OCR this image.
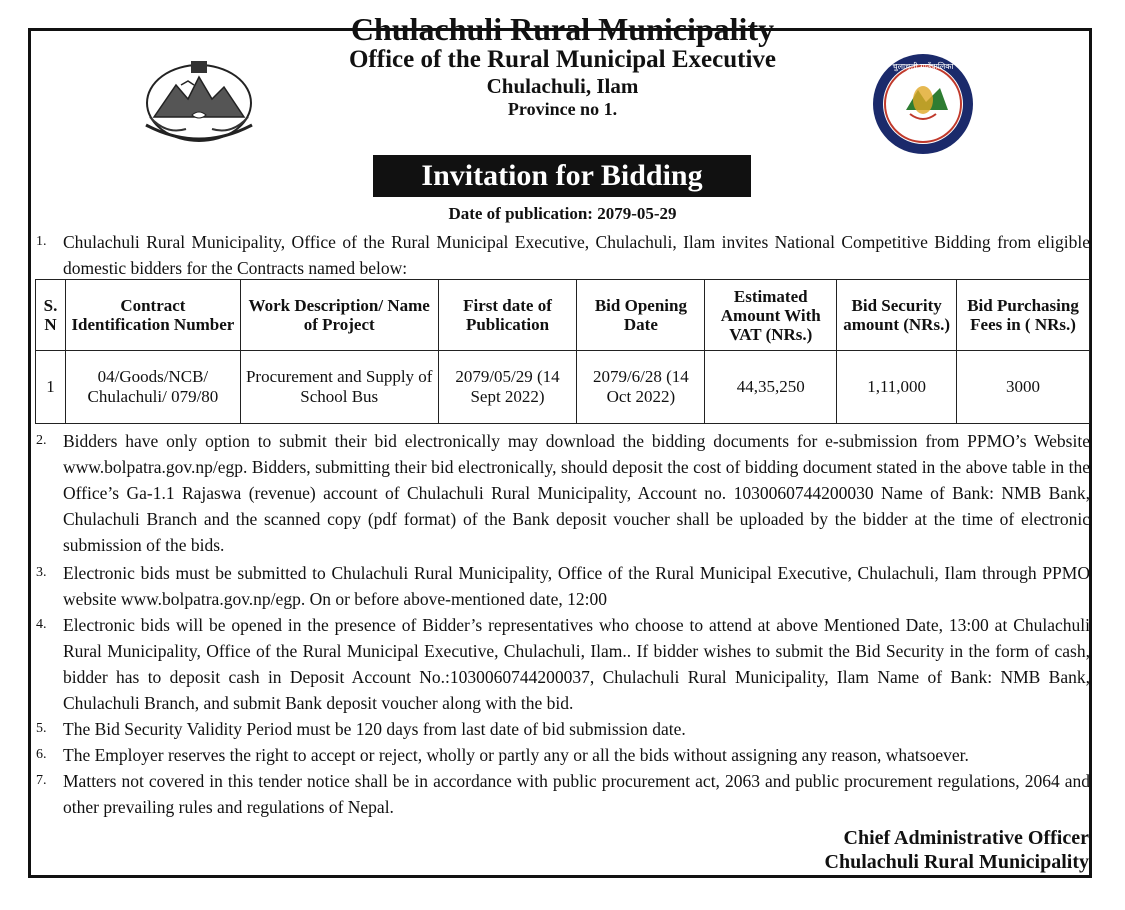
चुलाचुली गाउँपालिका
Chulachuli Rural Municipality
Office of the Rural Municipal Executive
Chulachuli, Ilam
Province no 1.
Invitation for Bidding
Date of publication: 2079-05-29
1. Chulachuli Rural Municipality, Office of the Rural Municipal Executive, Chulachuli, Ilam invites National Competitive Bidding from eligible domestic bidders for the Contracts named below:
S. N	Contract Identification Number	Work Description/ Name of Project	First date of Publication	Bid Opening Date	Estimated Amount With VAT (NRs.)	Bid Security amount (NRs.)	Bid Purchasing Fees in ( NRs.)
1	04/Goods/NCB/ Chulachuli/ 079/80	Procurement and Supply of School Bus	2079/05/29 (14 Sept 2022)	2079/6/28 (14 Oct 2022)	44,35,250	1,11,000	3000
2. Bidders have only option to submit their bid electronically may download the bidding documents for e-submission from PPMO’s Website www.bolpatra.gov.np/egp. Bidders, submitting their bid electronically, should deposit the cost of bidding document stated in the above table in the Office’s Ga-1.1 Rajaswa (revenue) account of Chulachuli Rural Municipality, Account no. 1030060744200030 Name of Bank: NMB Bank, Chulachuli Branch and the scanned copy (pdf format) of the Bank deposit voucher shall be uploaded by the bidder at the time of electronic submission of the bids.
3. Electronic bids must be submitted to Chulachuli Rural Municipality, Office of the Rural Municipal Executive, Chulachuli, Ilam through PPMO website www.bolpatra.gov.np/egp. On or before above-mentioned date, 12:00
4. Electronic bids will be opened in the presence of Bidder’s representatives who choose to attend at above Mentioned Date, 13:00 at Chulachuli Rural Municipality, Office of the Rural Municipal Executive, Chulachuli, Ilam.. If bidder wishes to submit the Bid Security in the form of cash, bidder has to deposit cash in Deposit Account No.:1030060744200037, Chulachuli Rural Municipality, Ilam Name of Bank: NMB Bank, Chulachuli Branch, and submit Bank deposit voucher along with the bid.
5. The Bid Security Validity Period must be 120 days from last date of bid submission date.
6. The Employer reserves the right to accept or reject, wholly or partly any or all the bids without assigning any reason, whatsoever.
7. Matters not covered in this tender notice shall be in accordance with public procurement act, 2063 and public procurement regulations, 2064 and other prevailing rules and regulations of Nepal.
Chief Administrative Officer
Chulachuli Rural Municipality
